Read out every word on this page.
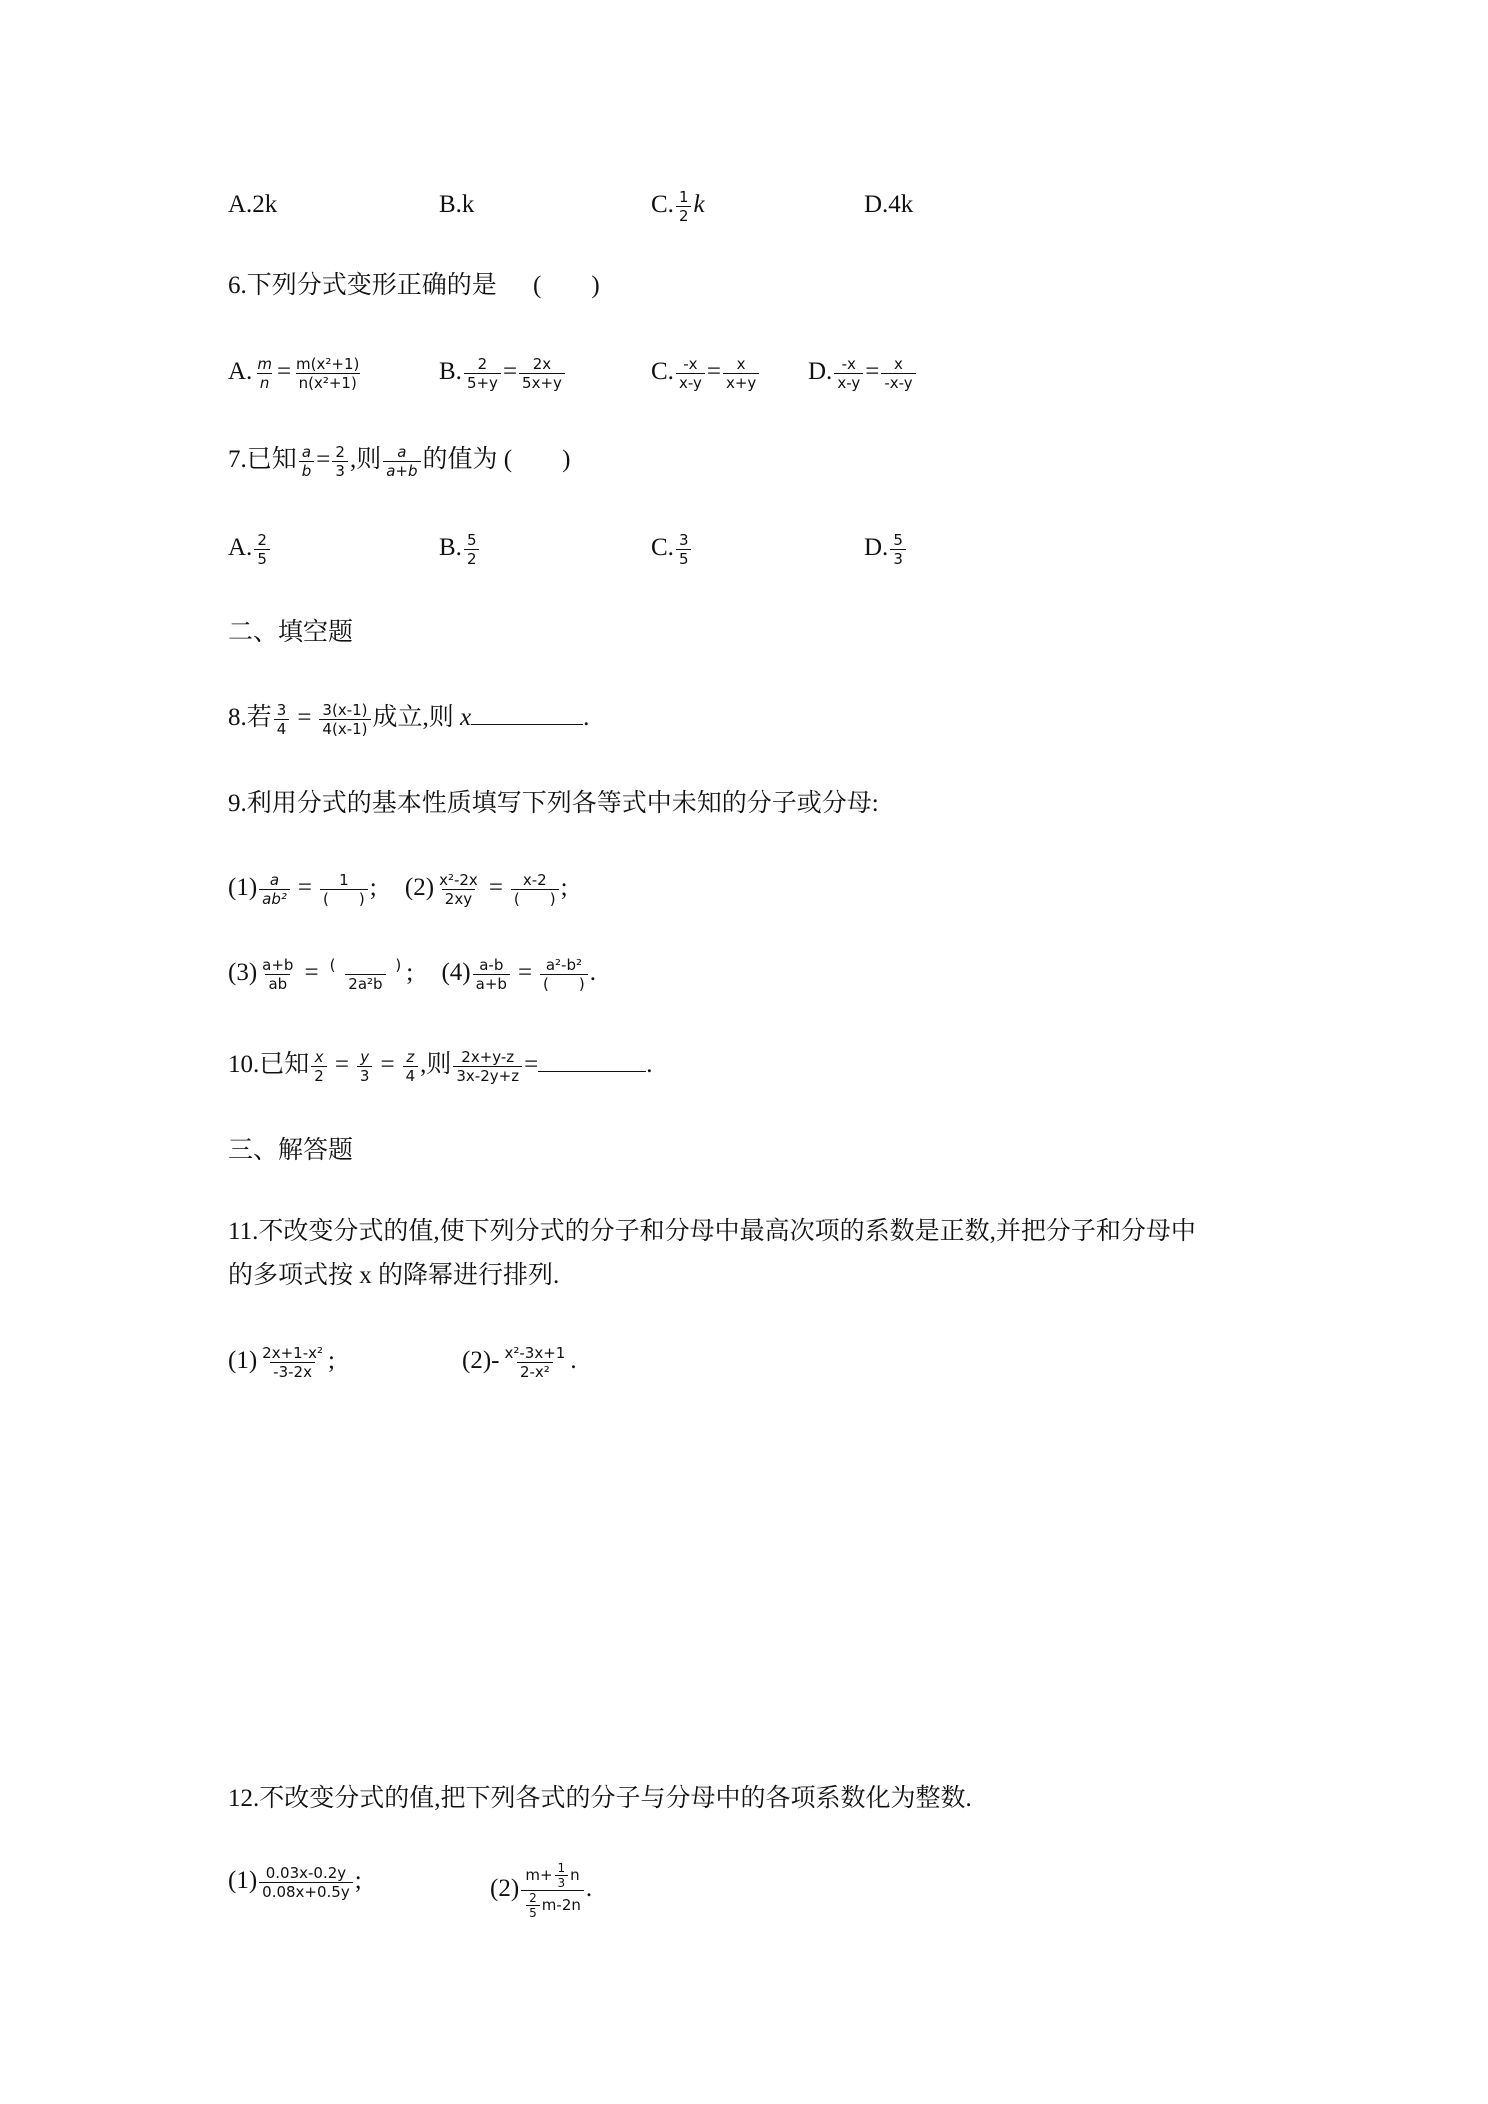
A.2k	B.k	C. $\frac{1}{2}$ k	D.4k
6.下列分式变形正确的是 (　　)
A. $\frac{m}{n} = \frac{\text{m(x²+1)}}{\text{n(x²+1)}}$	B. $\frac{2}{5+y} = \frac{2x}{5x+y}$	C. $\frac{-x}{x-y} = \frac{x}{x+y} D$. $\frac{-x}{x-y} = \frac{x}{-x-y}$
7.已知 $\frac{a}{b} = \frac{2}{3}$ ,则 $\frac{a}{a+b}$ 的值为 (　　)
A. $\frac{2}{5}$	B. $\frac{5}{2}$	C. $\frac{3}{5}$	D. $\frac{5}{3}$
二、填空题
8.若 $\frac{3}{4} = \frac{3(x-1)}{4(x-1)}$ 成立,则 x	.
9.利用分式的基本性质填写下列各等式中未知的分子或分母:
$(1) \frac{a}{\text{ab²}} = \frac{1}{( )}$ ; $(2) \frac{\text{x²-2x}}{2xy} = \frac{x-2}{( )}$ ;
$(3) \frac{a+b}{ab} = \frac{( )}{\text{2a²b}}$ ; $(4) \frac{a-b}{a+b} = \frac{\text{a²-b²}}{( )}$ .
10.已知 $\frac{x}{2} = \frac{y}{3} = \frac{z}{4}$ ,则 $\frac{2x+y-z}{3x-2y+z}$ =	.
三、解答题
11.不改变分式的值,使下列分式的分子和分母中最高次项的系数是正数,并把分子和分母中
的多项式按 x 的降幂进行排列.
$(1) \frac{\text{2x+1-x²}}{-3-2x}$ ;	$(2)- \frac{\text{x²-3x+1}}{\text{2-x²}}$ .
12.不改变分式的值,把下列各式的分子与分母中的各项系数化为整数.
$(1) \frac{0.03x-0.2y}{0.08x+0.5y}$ ;	$(2) \frac{m+ \frac{1}{3} n}{\frac{2}{5} m-2n}$ .
